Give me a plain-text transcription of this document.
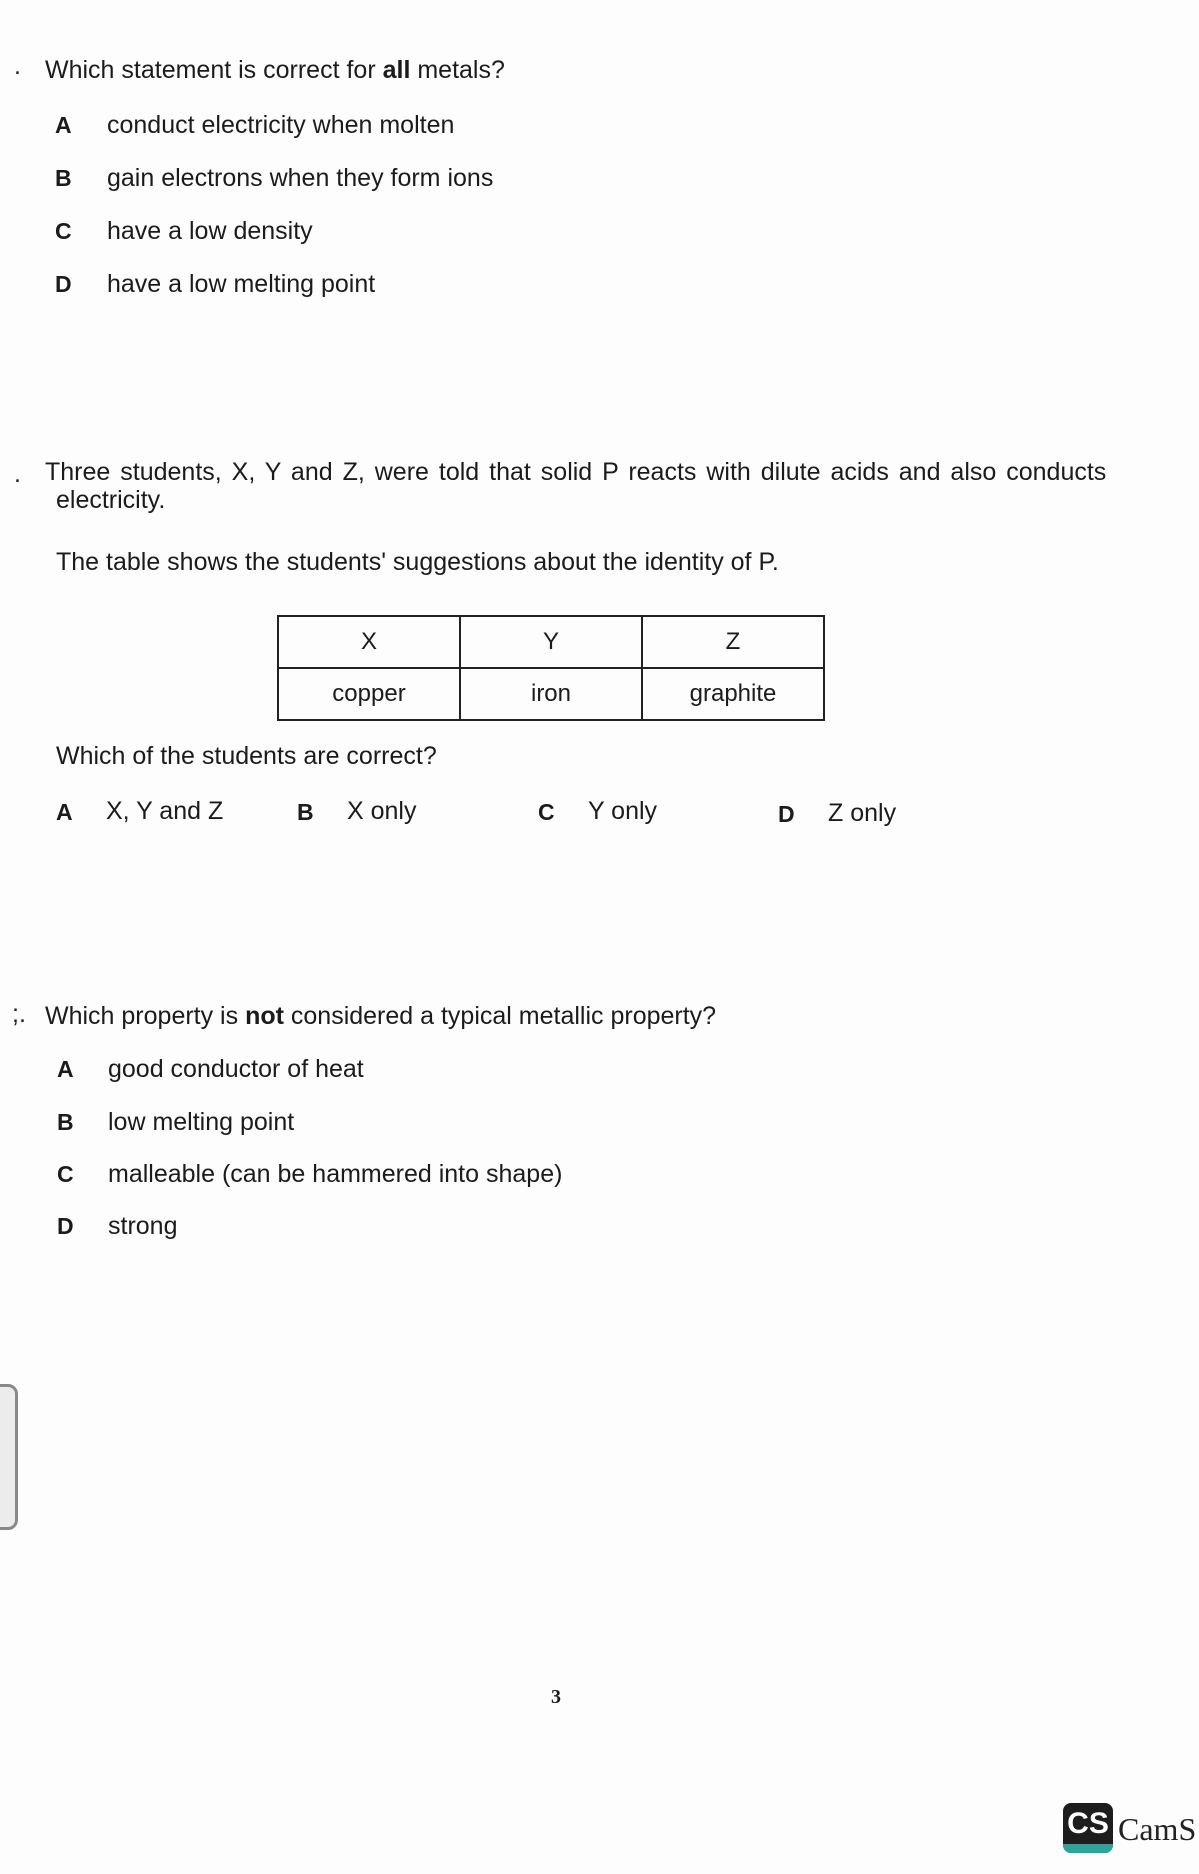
. Which statement is correct for all metals?
A conduct electricity when molten
B gain electrons when they form ions
C have a low density
D have a low melting point
. Three students, X, Y and Z, were told that solid P reacts with dilute acids and also conducts
electricity.
The table shows the students' suggestions about the identity of P.
X	Y	Z
copper	iron	graphite
Which of the students are correct?
A X, Y and Z	B X only	C Y only	D Z only
;. Which property is not considered a typical metallic property?
A good conductor of heat
B low melting point
C malleable (can be hammered into shape)
D strong
3
CS CamS
